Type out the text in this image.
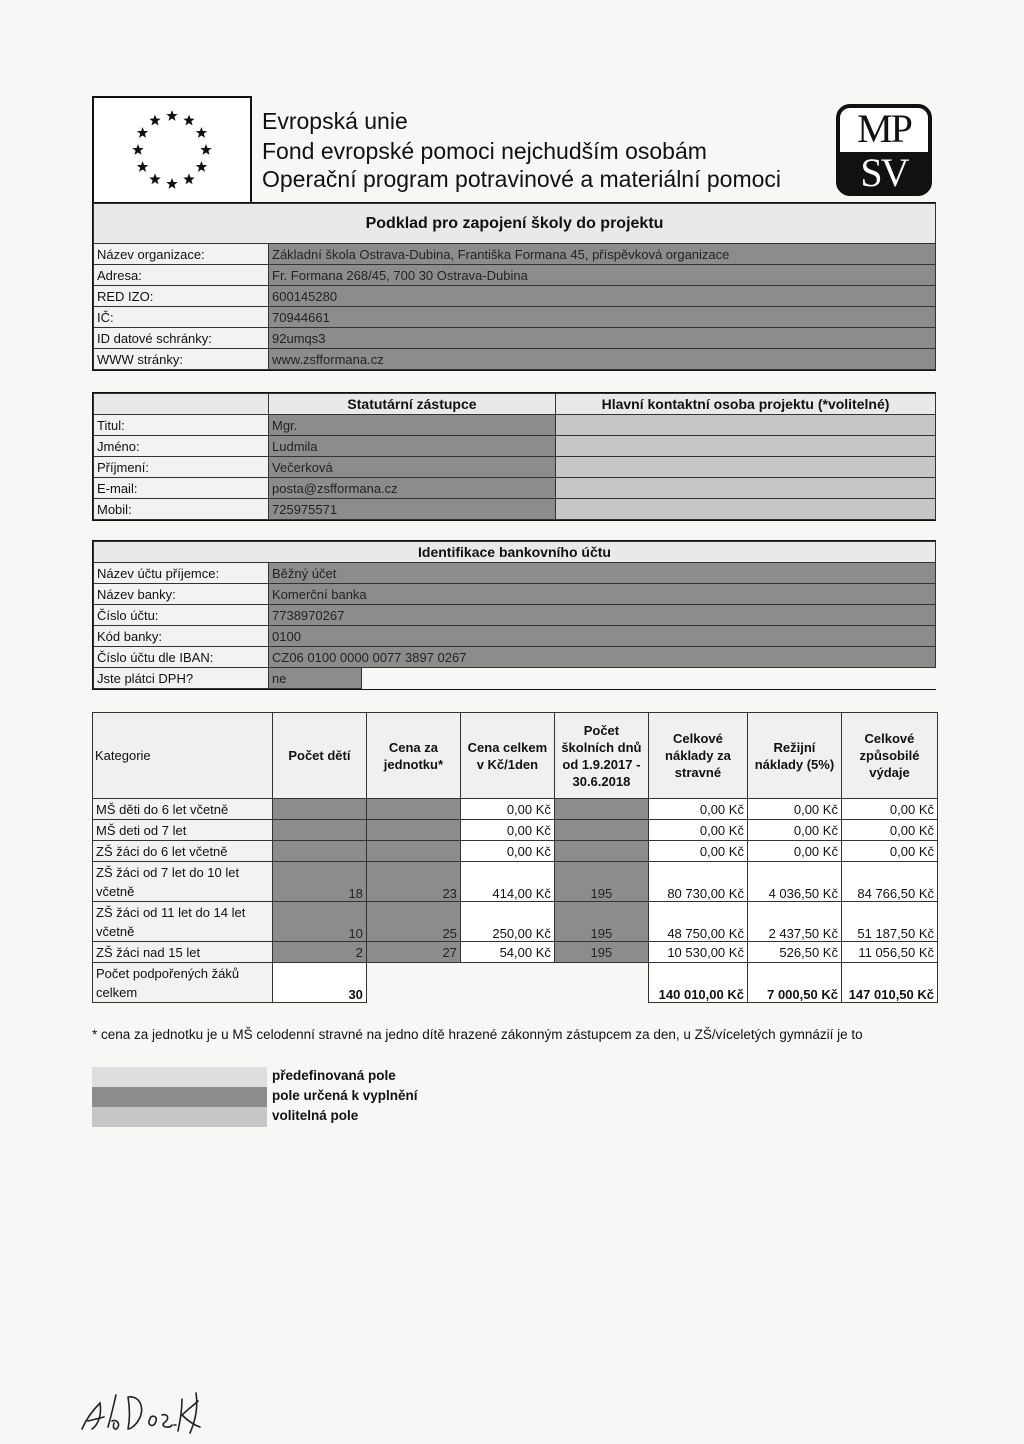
Evropská unie
Fond evropské pomoci nejchudším osobám
Operační program potravinové a materiální pomoci
MP
SV
Podklad pro zapojení školy do projektu	
Název organizace:	Základní škola Ostrava-Dubina, Františka Formana 45, příspěvková organizace
Adresa:	Fr. Formana 268/45, 700 30 Ostrava-Dubina
RED IZO:	600145280
IČ:	70944661
ID datové schránky:	92umqs3
WWW stránky:	www.zsfformana.cz
	Statutární zástupce	Hlavní kontaktní osoba projektu (*volitelné)
Titul:	Mgr.	
Jméno:	Ludmila	
Příjmení:	Večerková	
E-mail:	posta@zsfformana.cz	
Mobil:	725975571	
Identifikace bankovního účtu		
Název účtu příjemce:	Běžný účet	
Název banky:	Komerční banka	
Číslo účtu:	7738970267	
Kód banky:	0100	
Číslo účtu dle IBAN:	CZ06 0100 0000 0077 3897 0267	
Jste plátci DPH?	ne	
Kategorie	Počet dětí	Cena za jednotku*	Cena celkem v Kč/1den	Počet školních dnů od 1.9.2017 - 30.6.2018	Celkové náklady za stravné	Režijní náklady (5%)	Celkové způsobilé výdaje
MŠ děti do 6 let včetně			0,00 Kč		0,00 Kč	0,00 Kč	0,00 Kč
MŠ deti od 7 let			0,00 Kč		0,00 Kč	0,00 Kč	0,00 Kč
ZŠ žáci do 6 let včetně			0,00 Kč		0,00 Kč	0,00 Kč	0,00 Kč
ZŠ žáci od 7 let do 10 let včetně	18	23	414,00 Kč	195	80 730,00 Kč	4 036,50 Kč	84 766,50 Kč
ZŠ žáci od 11 let do 14 let včetně	10	25	250,00 Kč	195	48 750,00 Kč	2 437,50 Kč	51 187,50 Kč
ZŠ žáci nad 15 let	2	27	54,00 Kč	195	10 530,00 Kč	526,50 Kč	11 056,50 Kč
Počet podpořených žáků celkem	30				140 010,00 Kč	7 000,50 Kč	147 010,50 Kč
* cena za jednotku je u MŠ celodenní stravné na jedno dítě hrazené zákonným zástupcem za den, u ZŠ/víceletých gymnázií je to
předefinovaná pole
pole určená k vyplnění
volitelná pole
